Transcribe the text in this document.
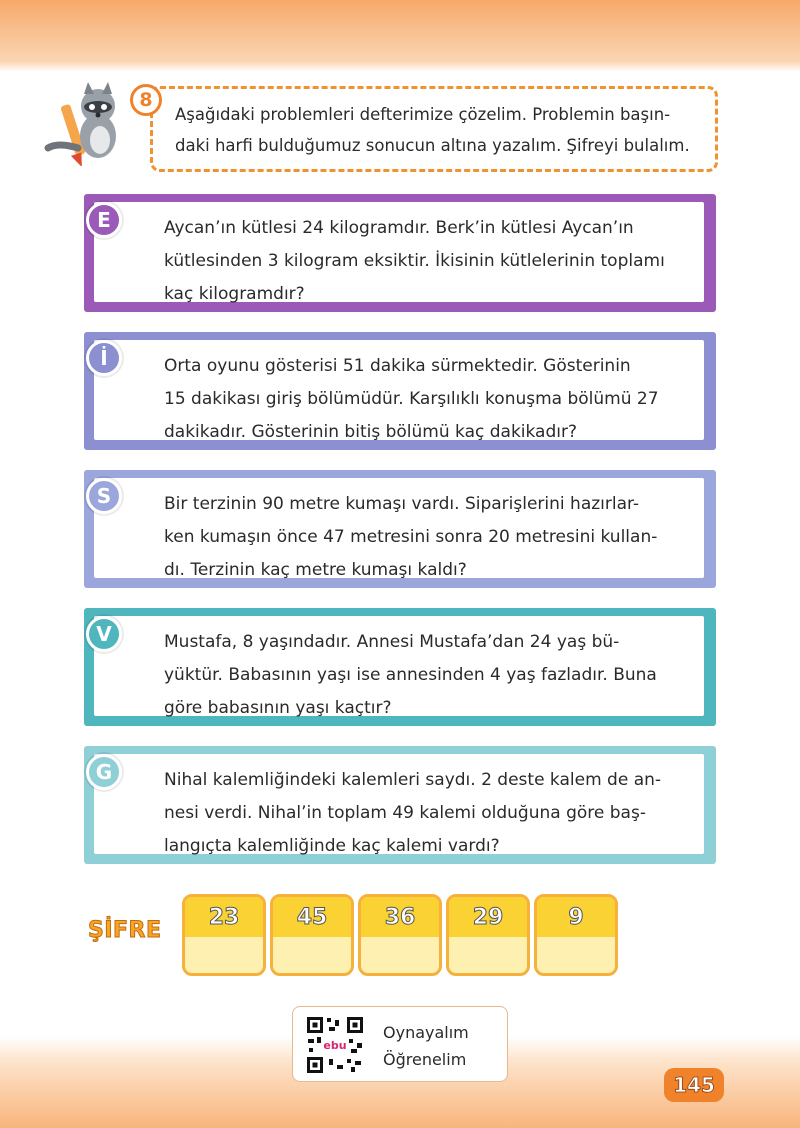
8
Aşağıdaki problemleri defterimize çözelim. Problemin başın-
daki harfi bulduğumuz sonucun altına yazalım. Şifreyi bulalım.
E	Aycan’ın kütlesi 24 kilogramdır. Berk’in kütlesi Aycan’ın
kütlesinden 3 kilogram eksiktir. İkisinin kütlelerinin toplamı
kaç kilogramdır?
İ	Orta oyunu gösterisi 51 dakika sürmektedir. Gösterinin
15 dakikası giriş bölümüdür. Karşılıklı konuşma bölümü 27
dakikadır. Gösterinin bitiş bölümü kaç dakikadır?
S	Bir terzinin 90 metre kumaşı vardı. Siparişlerini hazırlar-
ken kumaşın önce 47 metresini sonra 20 metresini kullan-
dı. Terzinin kaç metre kumaşı kaldı?
V	Mustafa, 8 yaşındadır. Annesi Mustafa’dan 24 yaş bü-
yüktür. Babasının yaşı ise annesinden 4 yaş fazladır. Buna
göre babasının yaşı kaçtır?
G	Nihal kalemliğindeki kalemleri saydı. 2 deste kalem de an-
nesi verdi. Nihal’in toplam 49 kalemi olduğuna göre baş-
langıçta kalemliğinde kaç kalemi vardı?
ŞİFRE
23	45	36	29	9
ebu
Oynayalım
Öğrenelim
145
